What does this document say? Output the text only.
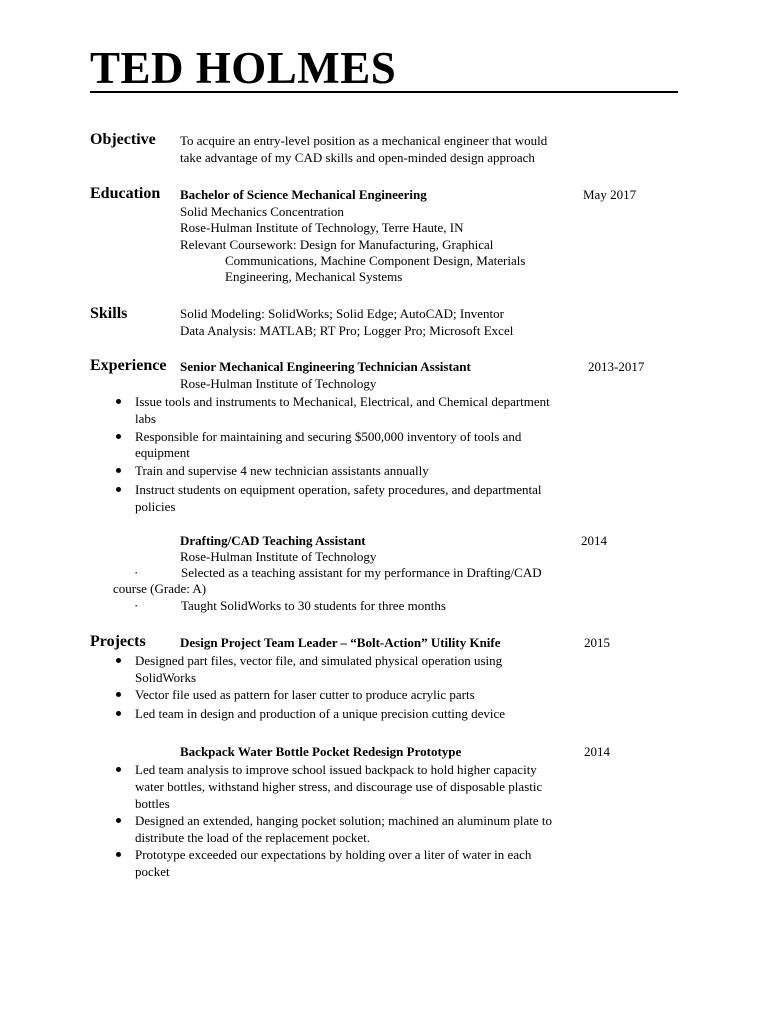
TED HOLMES
Objective To acquire an entry-level position as a mechanical engineer that would
take advantage of my CAD skills and open-minded design approach
Education Bachelor of Science Mechanical Engineering	May 2017
Solid Mechanics Concentration
Rose-Hulman Institute of Technology, Terre Haute, IN
Relevant Coursework: Design for Manufacturing, Graphical
Communications, Machine Component Design, Materials
Engineering, Mechanical Systems
Skills	Solid Modeling: SolidWorks; Solid Edge; AutoCAD; Inventor
Data Analysis: MATLAB; RT Pro; Logger Pro; Microsoft Excel
Experience Senior Mechanical Engineering Technician Assistant	2013-2017
Rose-Hulman Institute of Technology
Issue tools and instruments to Mechanical, Electrical, and Chemical department
labs
Responsible for maintaining and securing $500,000 inventory of tools and
equipment
Train and supervise 4 new technician assistants annually
Instruct students on equipment operation, safety procedures, and departmental
policies
Drafting/CAD Teaching Assistant	2014
Rose-Hulman Institute of Technology
·	Selected as a teaching assistant for my performance in Drafting/CAD
course (Grade: A)
·	Taught SolidWorks to 30 students for three months
Projects	Design Project Team Leader – “Bolt-Action” Utility Knife	2015
Designed part files, vector file, and simulated physical operation using
SolidWorks
Vector file used as pattern for laser cutter to produce acrylic parts
Led team in design and production of a unique precision cutting device
Backpack Water Bottle Pocket Redesign Prototype	2014
Led team analysis to improve school issued backpack to hold higher capacity
water bottles, withstand higher stress, and discourage use of disposable plastic
bottles
Designed an extended, hanging pocket solution; machined an aluminum plate to
distribute the load of the replacement pocket.
Prototype exceeded our expectations by holding over a liter of water in each
pocket
